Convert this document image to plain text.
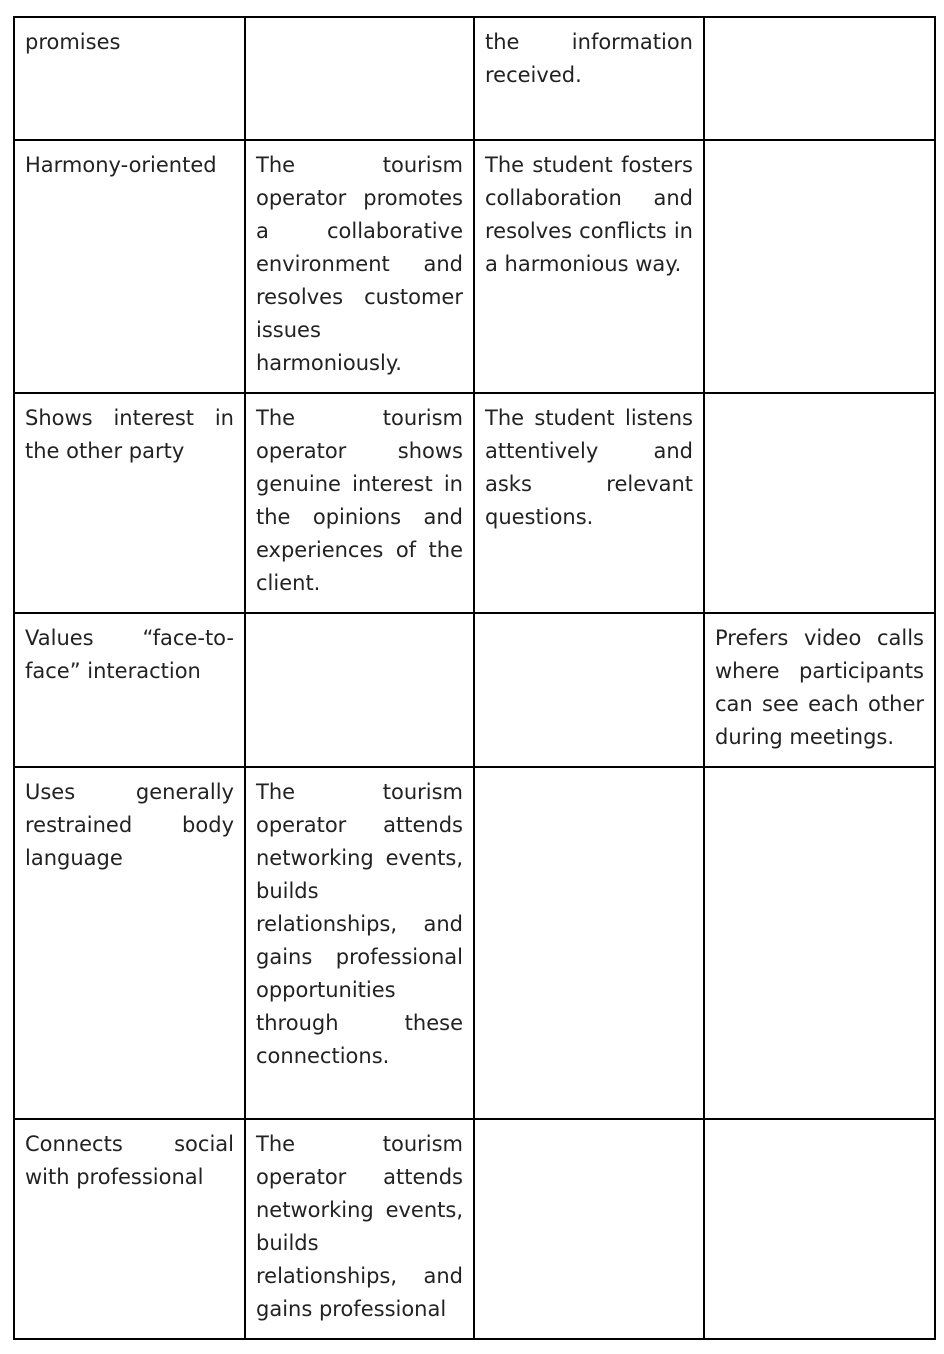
promises		the information received.	

Harmony-oriented	The tourism operator promotes a collaborative environment and resolves customer issues harmoniously.	The student fosters collaboration and resolves conflicts in a harmonious way.	

Shows interest in the other party	The tourism operator shows genuine interest in the opinions and experiences of the client.	The student listens attentively and asks relevant questions.	

Values “face-to-face” interaction			Prefers video calls where participants can see each other during meetings.

Uses generally restrained body language	The tourism operator attends networking events, builds relationships, and gains professional opportunities through these connections.		

Connects social with professional	The tourism operator attends networking events, builds relationships, and gains professional		
